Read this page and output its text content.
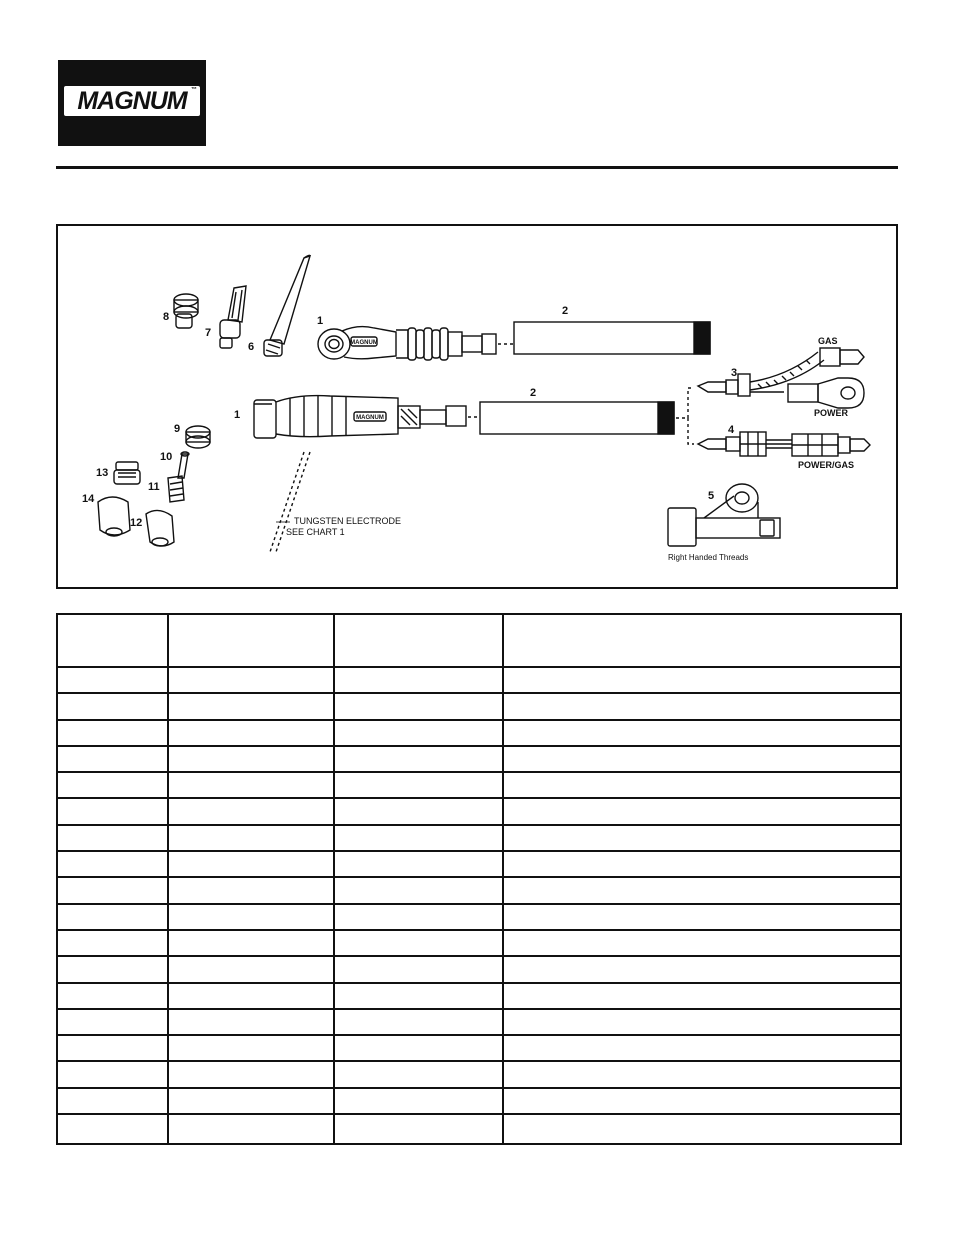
MAGNUM ™
MAGNUM
MAGNUM
1
2
1
2
3
4
5
6
7
8
9
10
11
12
13
14
GAS
POWER
POWER/GAS
TUNGSTEN ELECTRODE
SEE CHART 1
Right Handed Threads
